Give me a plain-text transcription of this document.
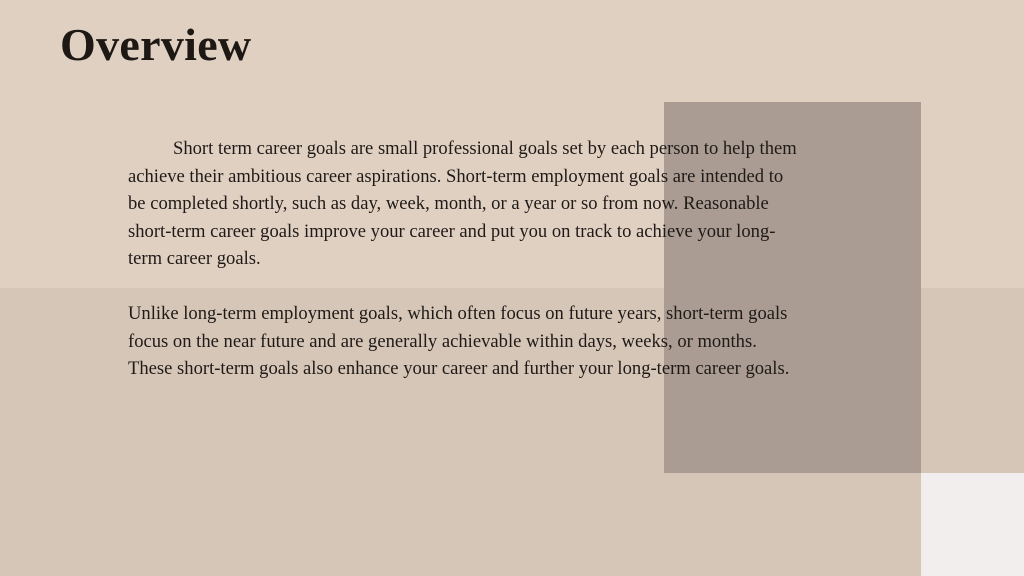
Overview

Short term career goals are small professional goals set by each person to help them achieve their ambitious career aspirations. Short-term employment goals are intended to be completed shortly, such as day, week, month, or a year or so from now. Reasonable short-term career goals improve your career and put you on track to achieve your long-term career goals.

Unlike long-term employment goals, which often focus on future years, short-term goals focus on the near future and are generally achievable within days, weeks, or months. These short-term goals also enhance your career and further your long-term career goals.
